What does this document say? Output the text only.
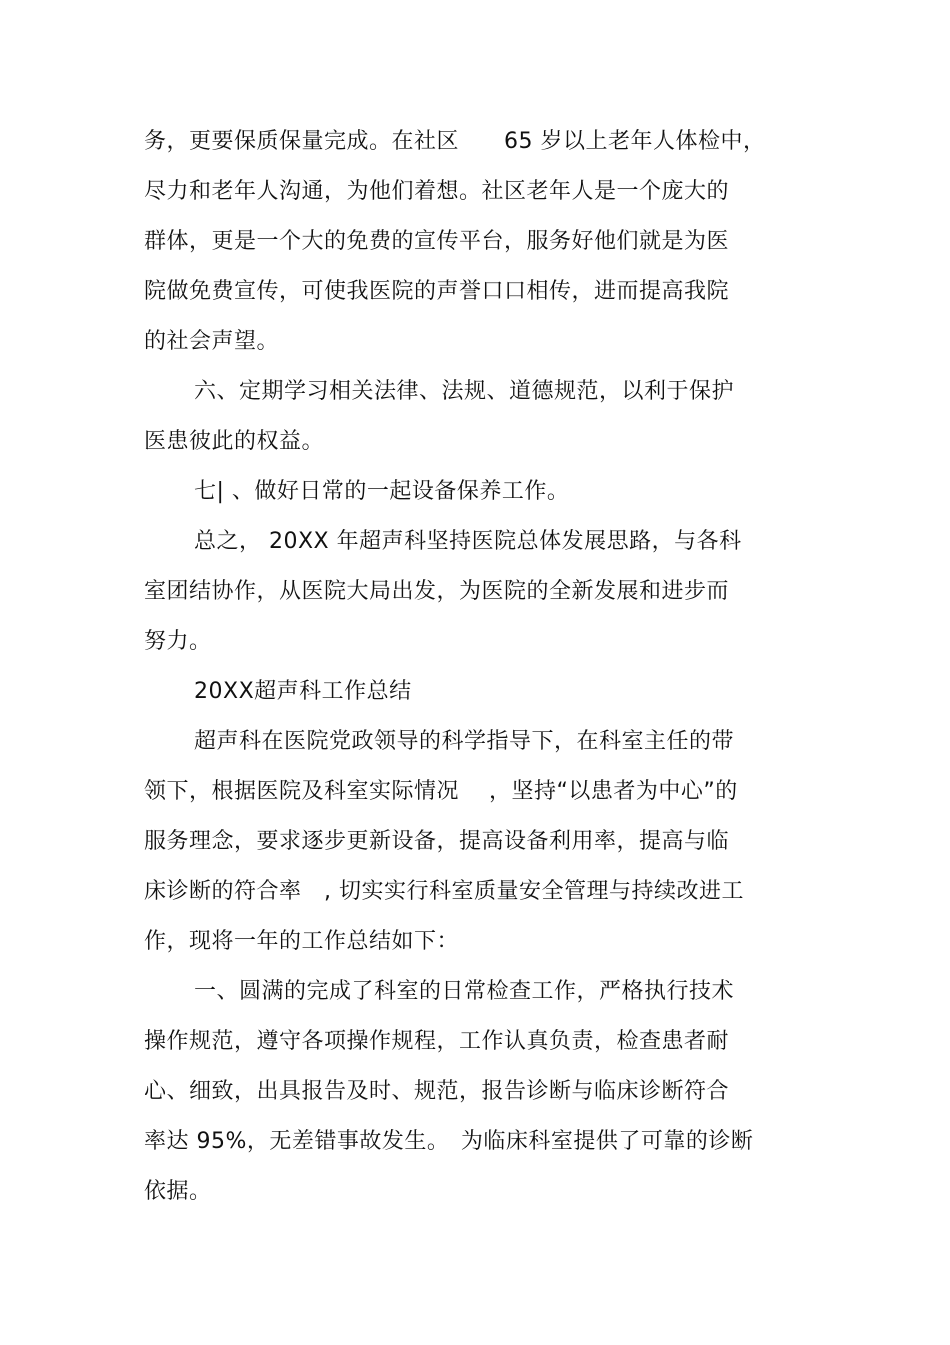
务，更要保质保量完成。在社区　　65 岁以上老年人体检中，
尽力和老年人沟通，为他们着想。社区老年人是一个庞大的
群体，更是一个大的免费的宣传平台，服务好他们就是为医
院做免费宣传，可使我医院的声誉口口相传，进而提高我院
的社会声望。
六、定期学习相关法律、法规、道德规范，以利于保护
医患彼此的权益。
七| 、做好日常的一起设备保养工作。
总之， 20XX 年超声科坚持医院总体发展思路，与各科
室团结协作，从医院大局出发，为医院的全新发展和进步而
努力。
20XX超声科工作总结
超声科在医院党政领导的科学指导下，在科室主任的带
领下，根据医院及科室实际情况　 ，坚持“以患者为中心”的
服务理念，要求逐步更新设备，提高设备利用率，提高与临
床诊断的符合率　, 切实实行科室质量安全管理与持续改进工
作，现将一年的工作总结如下：
一、圆满的完成了科室的日常检查工作，严格执行技术
操作规范，遵守各项操作规程，工作认真负责，检查患者耐
心、细致，出具报告及时、规范，报告诊断与临床诊断符合
率达 95%，无差错事故发生。　为临床科室提供了可靠的诊断
依据。
